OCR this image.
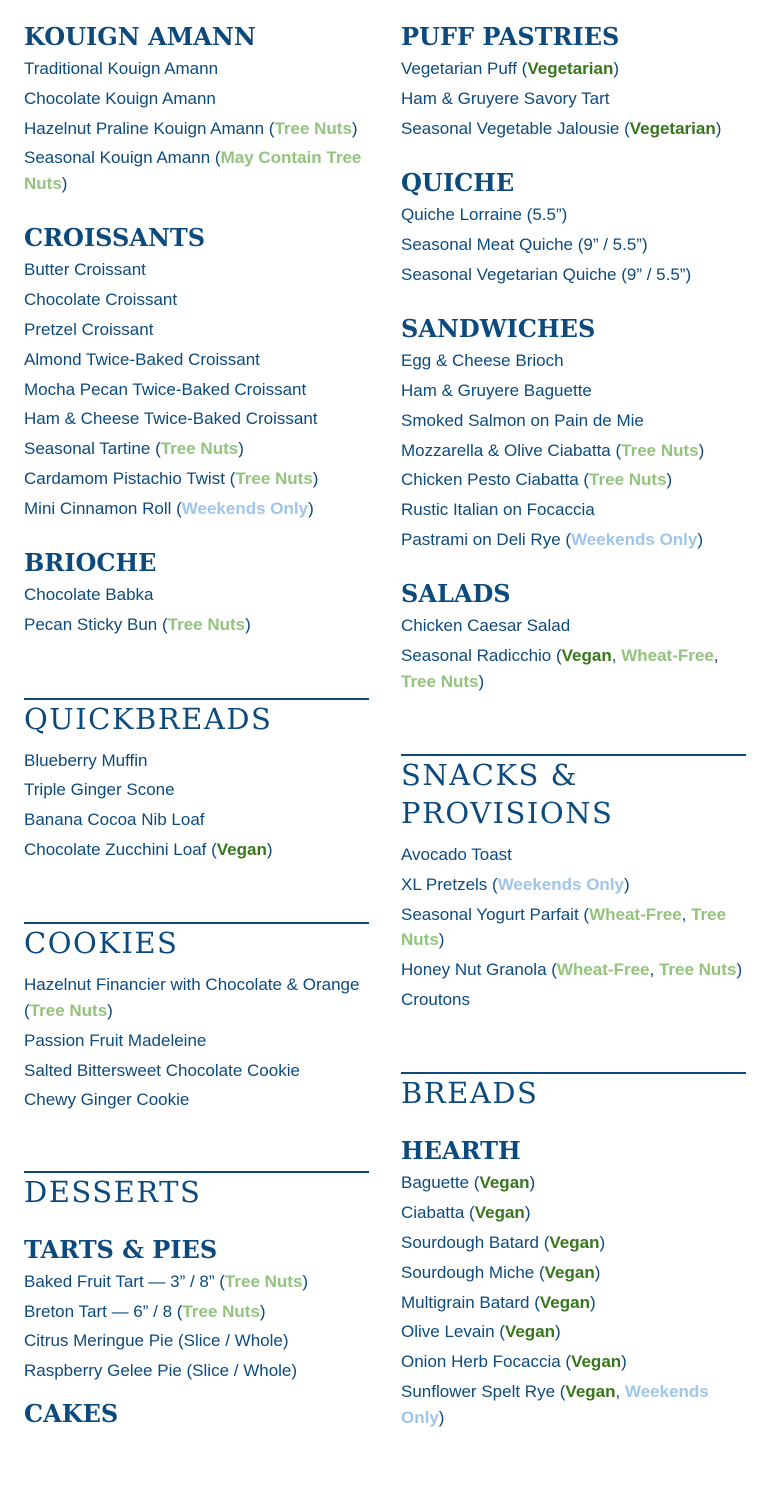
KOUIGN AMANN
Traditional Kouign Amann
Chocolate Kouign Amann
Hazelnut Praline Kouign Amann (Tree Nuts)
Seasonal Kouign Amann (May Contain Tree Nuts)
CROISSANTS
Butter Croissant
Chocolate Croissant
Pretzel Croissant
Almond Twice-Baked Croissant
Mocha Pecan Twice-Baked Croissant
Ham & Cheese Twice-Baked Croissant
Seasonal Tartine (Tree Nuts)
Cardamom Pistachio Twist (Tree Nuts)
Mini Cinnamon Roll (Weekends Only)
BRIOCHE
Chocolate Babka
Pecan Sticky Bun (Tree Nuts)
QUICKBREADS
Blueberry Muffin
Triple Ginger Scone
Banana Cocoa Nib Loaf
Chocolate Zucchini Loaf (Vegan)
COOKIES
Hazelnut Financier with Chocolate & Orange (Tree Nuts)
Passion Fruit Madeleine
Salted Bittersweet Chocolate Cookie
Chewy Ginger Cookie
DESSERTS
TARTS & PIES
Baked Fruit Tart — 3” / 8” (Tree Nuts)
Breton Tart — 6” / 8 (Tree Nuts)
Citrus Meringue Pie (Slice / Whole)
Raspberry Gelee Pie (Slice / Whole)
CAKES
PUFF PASTRIES
Vegetarian Puff (Vegetarian)
Ham & Gruyere Savory Tart
Seasonal Vegetable Jalousie (Vegetarian)
QUICHE
Quiche Lorraine (5.5”)
Seasonal Meat Quiche (9” / 5.5”)
Seasonal Vegetarian Quiche (9” / 5.5”)
SANDWICHES
Egg & Cheese Brioch
Ham & Gruyere Baguette
Smoked Salmon on Pain de Mie
Mozzarella & Olive Ciabatta (Tree Nuts)
Chicken Pesto Ciabatta (Tree Nuts)
Rustic Italian on Focaccia
Pastrami on Deli Rye (Weekends Only)
SALADS
Chicken Caesar Salad
Seasonal Radicchio (Vegan, Wheat-Free, Tree Nuts)
SNACKS & PROVISIONS
Avocado Toast
XL Pretzels (Weekends Only)
Seasonal Yogurt Parfait (Wheat-Free, Tree Nuts)
Honey Nut Granola (Wheat-Free, Tree Nuts)
Croutons
BREADS
HEARTH
Baguette (Vegan)
Ciabatta (Vegan)
Sourdough Batard (Vegan)
Sourdough Miche (Vegan)
Multigrain Batard (Vegan)
Olive Levain (Vegan)
Onion Herb Focaccia (Vegan)
Sunflower Spelt Rye (Vegan, Weekends Only)
